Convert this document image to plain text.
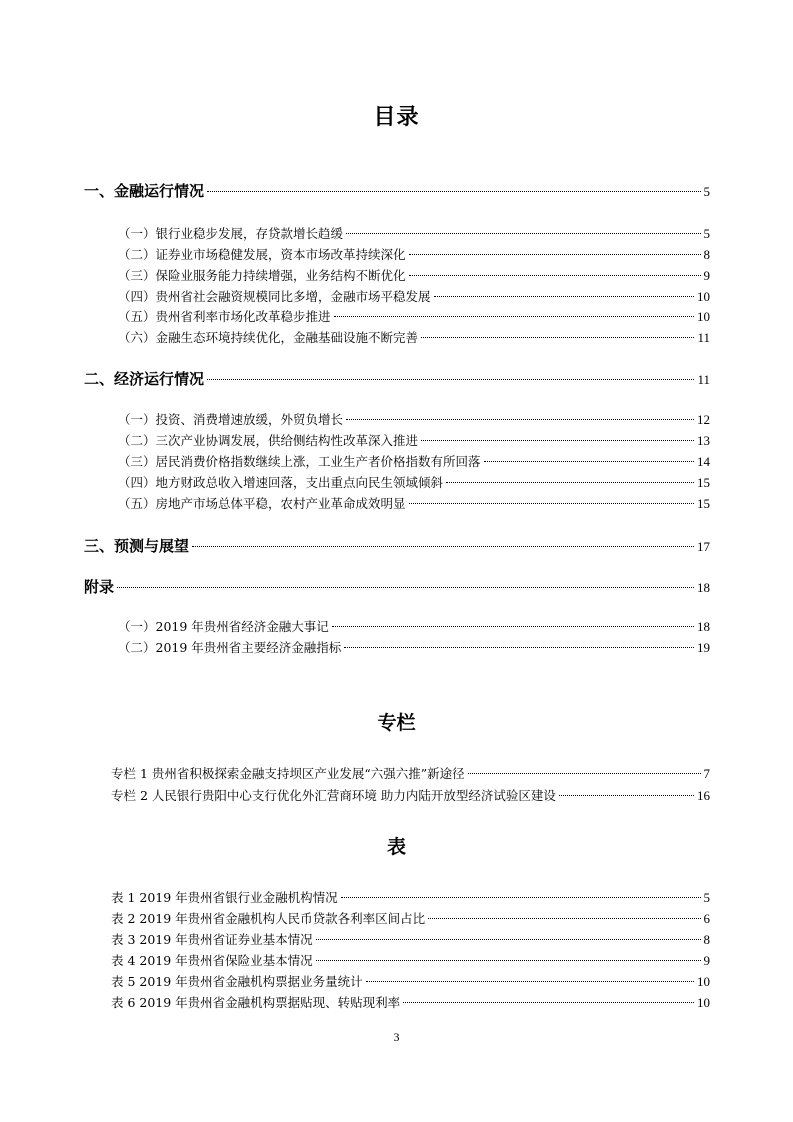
目录
一、金融运行情况	5
（一）银行业稳步发展，存贷款增长趋缓	5
（二）证券业市场稳健发展，资本市场改革持续深化	8
（三）保险业服务能力持续增强，业务结构不断优化	9
（四）贵州省社会融资规模同比多增，金融市场平稳发展	10
（五）贵州省利率市场化改革稳步推进	10
（六）金融生态环境持续优化，金融基础设施不断完善	11
二、经济运行情况	11
（一）投资、消费增速放缓，外贸负增长	12
（二）三次产业协调发展，供给侧结构性改革深入推进	13
（三）居民消费价格指数继续上涨，工业生产者价格指数有所回落	14
（四）地方财政总收入增速回落，支出重点向民生领域倾斜	15
（五）房地产市场总体平稳，农村产业革命成效明显	15
三、预测与展望	17
附录	18
（一）2019 年贵州省经济金融大事记	18
（二）2019 年贵州省主要经济金融指标	19
专栏
专栏 1 贵州省积极探索金融支持坝区产业发展“六强六推”新途径	7
专栏 2 人民银行贵阳中心支行优化外汇营商环境 助力内陆开放型经济试验区建设	16
表
表 1 2019 年贵州省银行业金融机构情况	5
表 2 2019 年贵州省金融机构人民币贷款各利率区间占比	6
表 3 2019 年贵州省证券业基本情况	8
表 4 2019 年贵州省保险业基本情况	9
表 5 2019 年贵州省金融机构票据业务量统计	10
表 6 2019 年贵州省金融机构票据贴现、转贴现利率	10
3
